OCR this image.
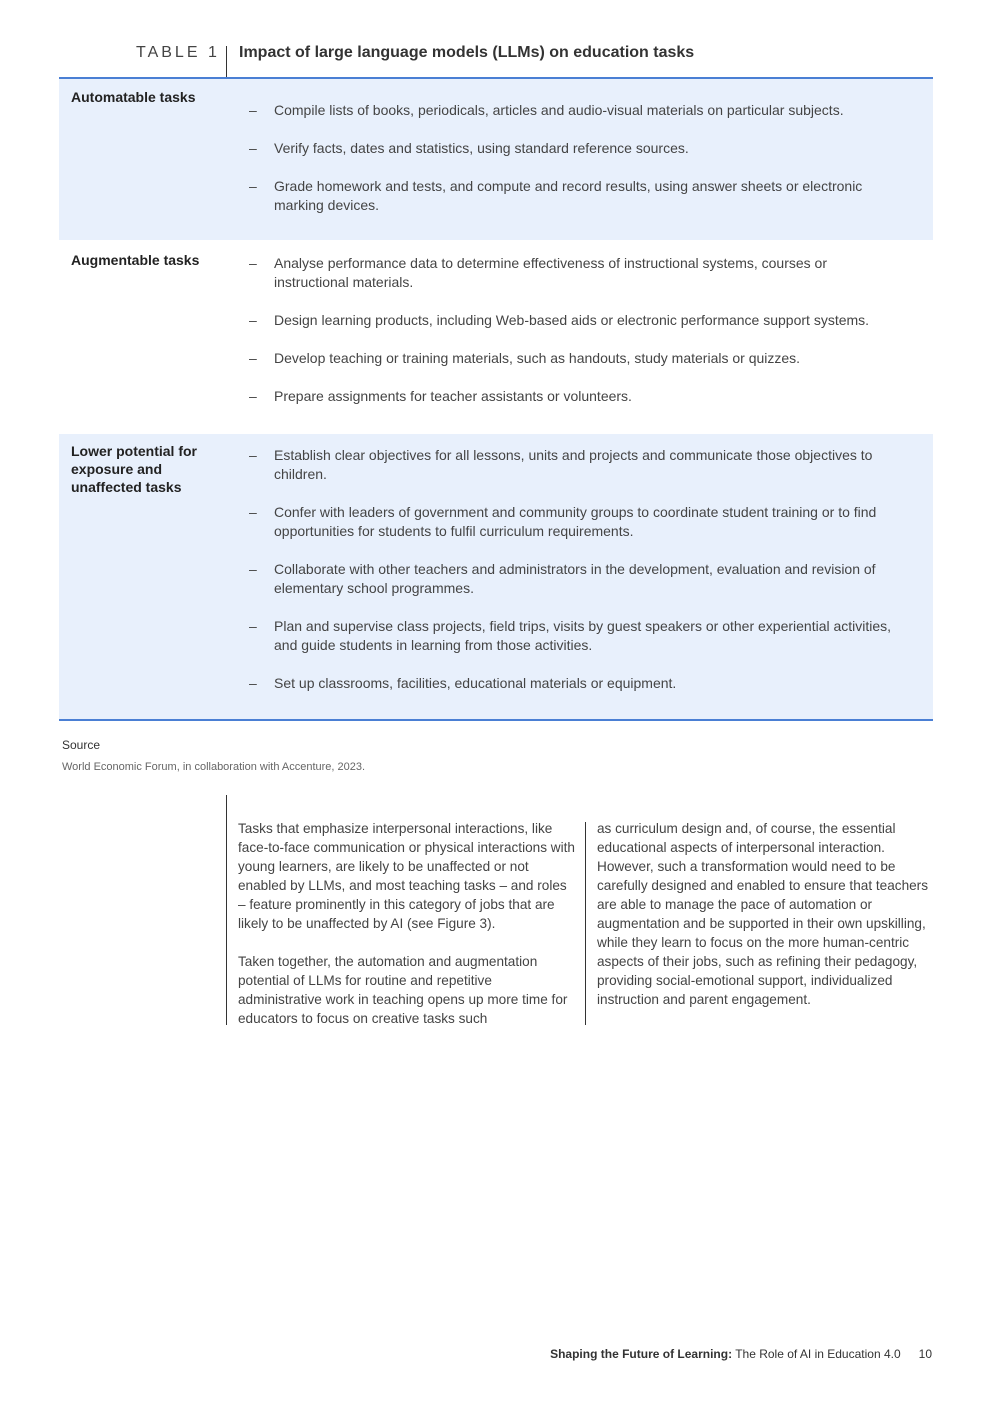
TABLE 1 Impact of large language models (LLMs) on education tasks
Automatable tasks
– Compile lists of books, periodicals, articles and audio-visual materials on particular subjects.
– Verify facts, dates and statistics, using standard reference sources.
– Grade homework and tests, and compute and record results, using answer sheets or electronic marking devices.
Augmentable tasks	– Analyse performance data to determine effectiveness of instructional systems, courses or instructional materials.
– Design learning products, including Web-based aids or electronic performance support systems.
– Develop teaching or training materials, such as handouts, study materials or quizzes.
– Prepare assignments for teacher assistants or volunteers.
Lower potential for exposure and unaffected tasks
– Establish clear objectives for all lessons, units and projects and communicate those objectives to children.
– Confer with leaders of government and community groups to coordinate student training or to find opportunities for students to fulfil curriculum requirements.
– Collaborate with other teachers and administrators in the development, evaluation and revision of elementary school programmes.
– Plan and supervise class projects, field trips, visits by guest speakers or other experiential activities, and guide students in learning from those activities.
– Set up classrooms, facilities, educational materials or equipment.
Source
World Economic Forum, in collaboration with Accenture, 2023.

Tasks that emphasize interpersonal interactions, like face-to-face communication or physical interactions with young learners, are likely to be unaffected or not enabled by LLMs, and most teaching tasks – and roles – feature prominently in this category of jobs that are likely to be unaffected by AI (see Figure 3).

Taken together, the automation and augmentation potential of LLMs for routine and repetitive administrative work in teaching opens up more time for educators to focus on creative tasks such

as curriculum design and, of course, the essential educational aspects of interpersonal interaction. However, such a transformation would need to be carefully designed and enabled to ensure that teachers are able to manage the pace of automation or augmentation and be supported in their own upskilling, while they learn to focus on the more human-centric aspects of their jobs, such as refining their pedagogy, providing social-emotional support, individualized instruction and parent engagement.

Shaping the Future of Learning: The Role of AI in Education 4.0 10
